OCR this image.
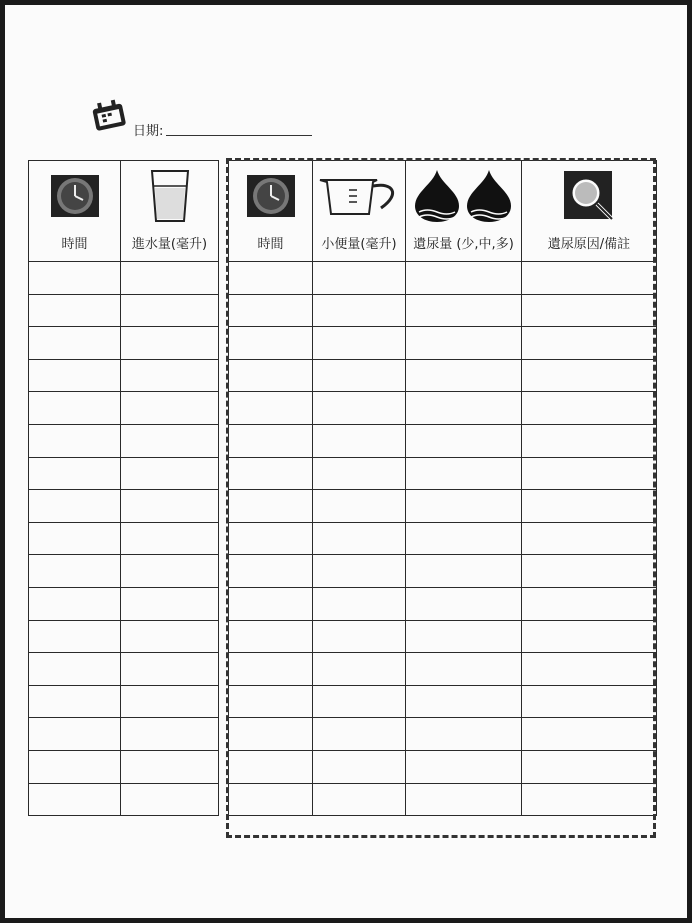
日期:
時間	進水量(毫升)

		時間	小便量(毫升)	遺尿量 (少,中,多)	遺尿原因/備註
